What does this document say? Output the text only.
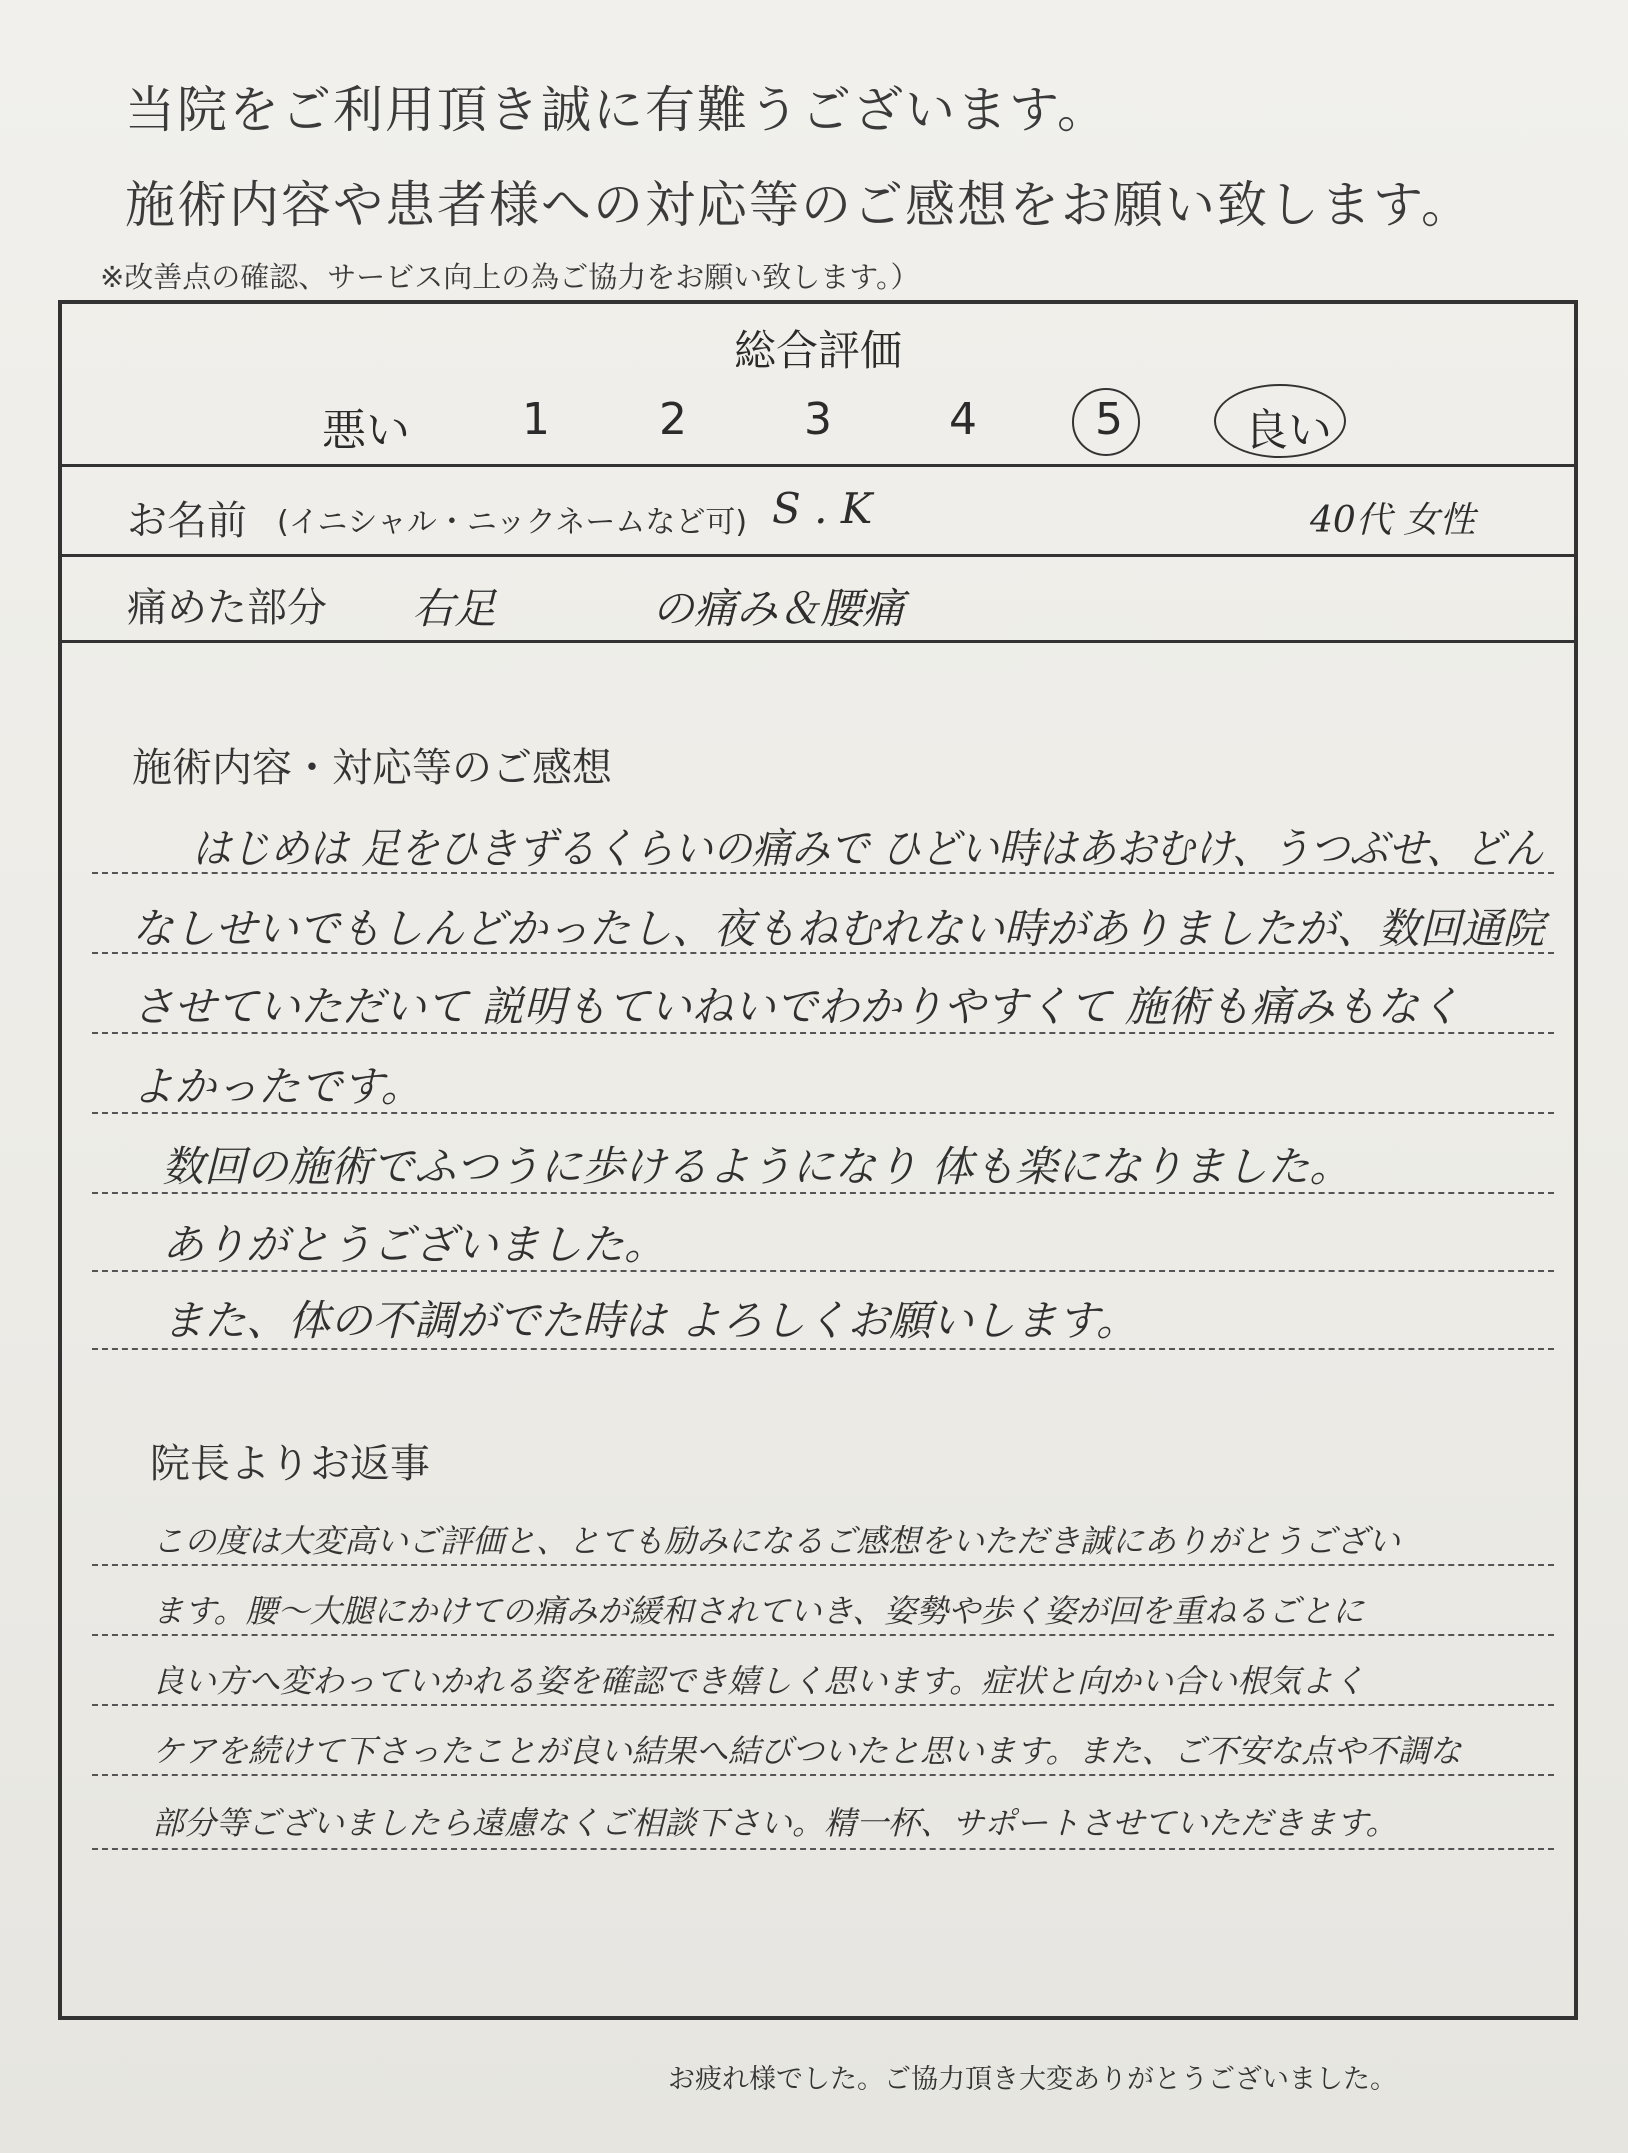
当院をご利用頂き誠に有難うございます。
施術内容や患者様への対応等のご感想をお願い致します。
※改善点の確認、サービス向上の為ご協力をお願い致します。）
総合評価
悪い	1 2	3	4	5	良い
お名前 (イニシャル・ニックネームなど可) S . K	40代 女性
痛めた部分 右足	の痛み＆腰痛
施術内容・対応等のご感想
はじめは 足をひきずるくらいの痛みで ひどい時はあおむけ、うつぶせ、どん
なしせいでもしんどかったし、夜もねむれない時がありましたが、数回通院
させていただいて 説明もていねいでわかりやすくて 施術も痛みもなく
よかったです。
数回の施術でふつうに歩けるようになり 体も楽になりました。
ありがとうございました。
また、体の不調がでた時は よろしくお願いします。
院長よりお返事
この度は大変高いご評価と、とても励みになるご感想をいただき誠にありがとうござい
ます。腰～大腿にかけての痛みが緩和されていき、姿勢や歩く姿が回を重ねるごとに
良い方へ変わっていかれる姿を確認でき嬉しく思います。症状と向かい合い根気よく
ケアを続けて下さったことが良い結果へ結びついたと思います。また、ご不安な点や不調な
部分等ございましたら遠慮なくご相談下さい。精一杯、サポートさせていただきます。
お疲れ様でした。ご協力頂き大変ありがとうございました。
